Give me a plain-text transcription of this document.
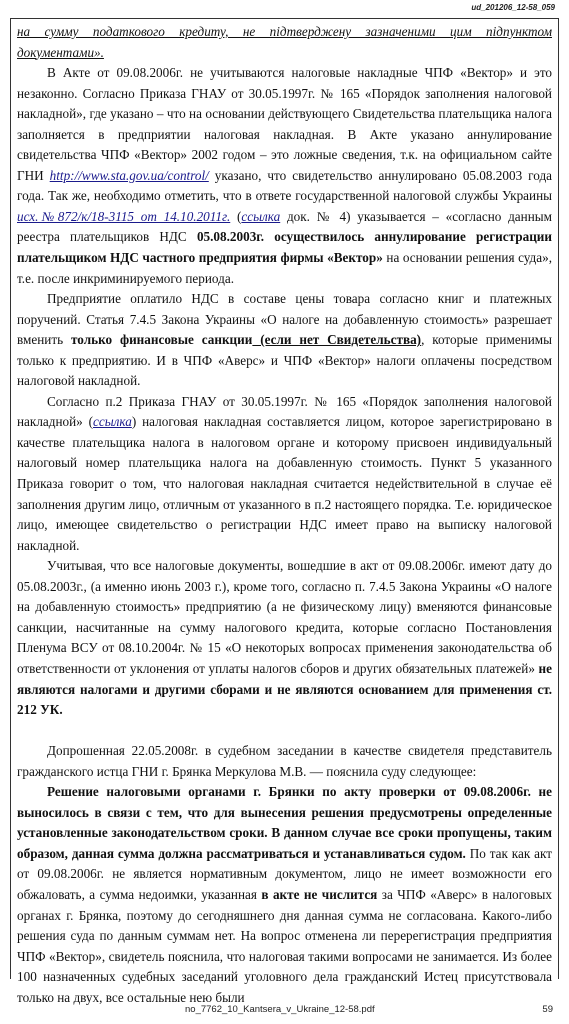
ud_201206_12-58_059

на сумму податкового кредиту, не підтверджену зазначеними цим підпунктом документами».

В Акте от 09.08.2006г. не учитываются налоговые накладные ЧПФ «Вектор» и это незаконно. Согласно Приказа ГНАУ от 30.05.1997г. № 165 «Порядок заполнения налоговой накладной», где указано – что на основании действующего Свидетельства плательщика налога заполняется в предприятии налоговая накладная. В Акте указано аннулирование свидетельства ЧПФ «Вектор» 2002 годом – это ложные сведения, т.к. на официальном сайте ГНИ http://www.sta.gov.ua/control/ указано, что свидетельство аннулировано 05.08.2003 года года. Так же, необходимо отметить, что в ответе государственной налоговой службы Украины исх.№872/к/18-3115 от 14.10.2011г. (ссылка док. № 4) указывается – «согласно данным реестра плательщиков НДС 05.08.2003г. осуществилось аннулирование регистрации плательщиком НДС частного предприятия фирмы «Вектор» на основании решения суда», т.е. после инкриминируемого периода.

Предприятие оплатило НДС в составе цены товара согласно книг и платежных поручений. Статья 7.4.5 Закона Украины «О налоге на добавленную стоимость» разрешает вменить только финансовые санкции (если нет Свидетельства), которые применимы только к предприятию. И в ЧПФ «Аверс» и ЧПФ «Вектор» налоги оплачены посредством налоговой накладной.

Согласно п.2 Приказа ГНАУ от 30.05.1997г. № 165 «Порядок заполнения налоговой накладной» (ссылка) налоговая накладная составляется лицом, которое зарегистрировано в качестве плательщика налога в налоговом органе и которому присвоен индивидуальный налоговый номер плательщика налога на добавленную стоимость. Пункт 5 указанного Приказа говорит о том, что налоговая накладная считается недействительной в случае её заполнения другим лицо, отличным от указанного в п.2 настоящего порядка. Т.е. юридическое лицо, имеющее свидетельство о регистрации НДС имеет право на выписку налоговой накладной.

Учитывая, что все налоговые документы, вошедшие в акт от 09.08.2006г. имеют дату до 05.08.2003г., (а именно июнь 2003 г.), кроме того, согласно п. 7.4.5 Закона Украины «О налоге на добавленную стоимость» предприятию (а не физическому лицу) вменяются финансовые санкции, насчитанные на сумму налогового кредита, которые согласно Постановления Пленума ВСУ от 08.10.2004г. № 15 «О некоторых вопросах применения законодательства об ответственности от уклонения от уплаты налогов сборов и других обязательных платежей» не являются налогами и другими сборами и не являются основанием для применения ст. 212 УК.

Допрошенная 22.05.2008г. в судебном заседании в качестве свидетеля представитель гражданского истца ГНИ г. Брянка Меркулова М.В. — пояснила суду следующее:

Решение налоговыми органами г. Брянки по акту проверки от 09.08.2006г. не выносилось в связи с тем, что для вынесения решения предусмотрены определенные установленные законодательством сроки. В данном случае все сроки пропущены, таким образом, данная сумма должна рассматриваться и устанавливаться судом. По так как акт от 09.08.2006г. не является нормативным документом, лицо не имеет возможности его обжаловать, а сумма недоимки, указанная в акте не числится за ЧПФ «Аверс» в налоговых органах г. Брянка, поэтому до сегодняшнего дня данная сумма не согласована. Какого-либо решения суда по данным суммам нет. На вопрос отменена ли перерегистрация предприятия ЧПФ «Вектор», свидетель пояснила, что налоговая такими вопросами не занимается. Из более 100 назначенных судебных заседаний уголовного дела гражданский Истец присутствовала только на двух, все остальные нею были

no_7762_10_Kantsera_v_Ukraine_12-58.pdf	59
